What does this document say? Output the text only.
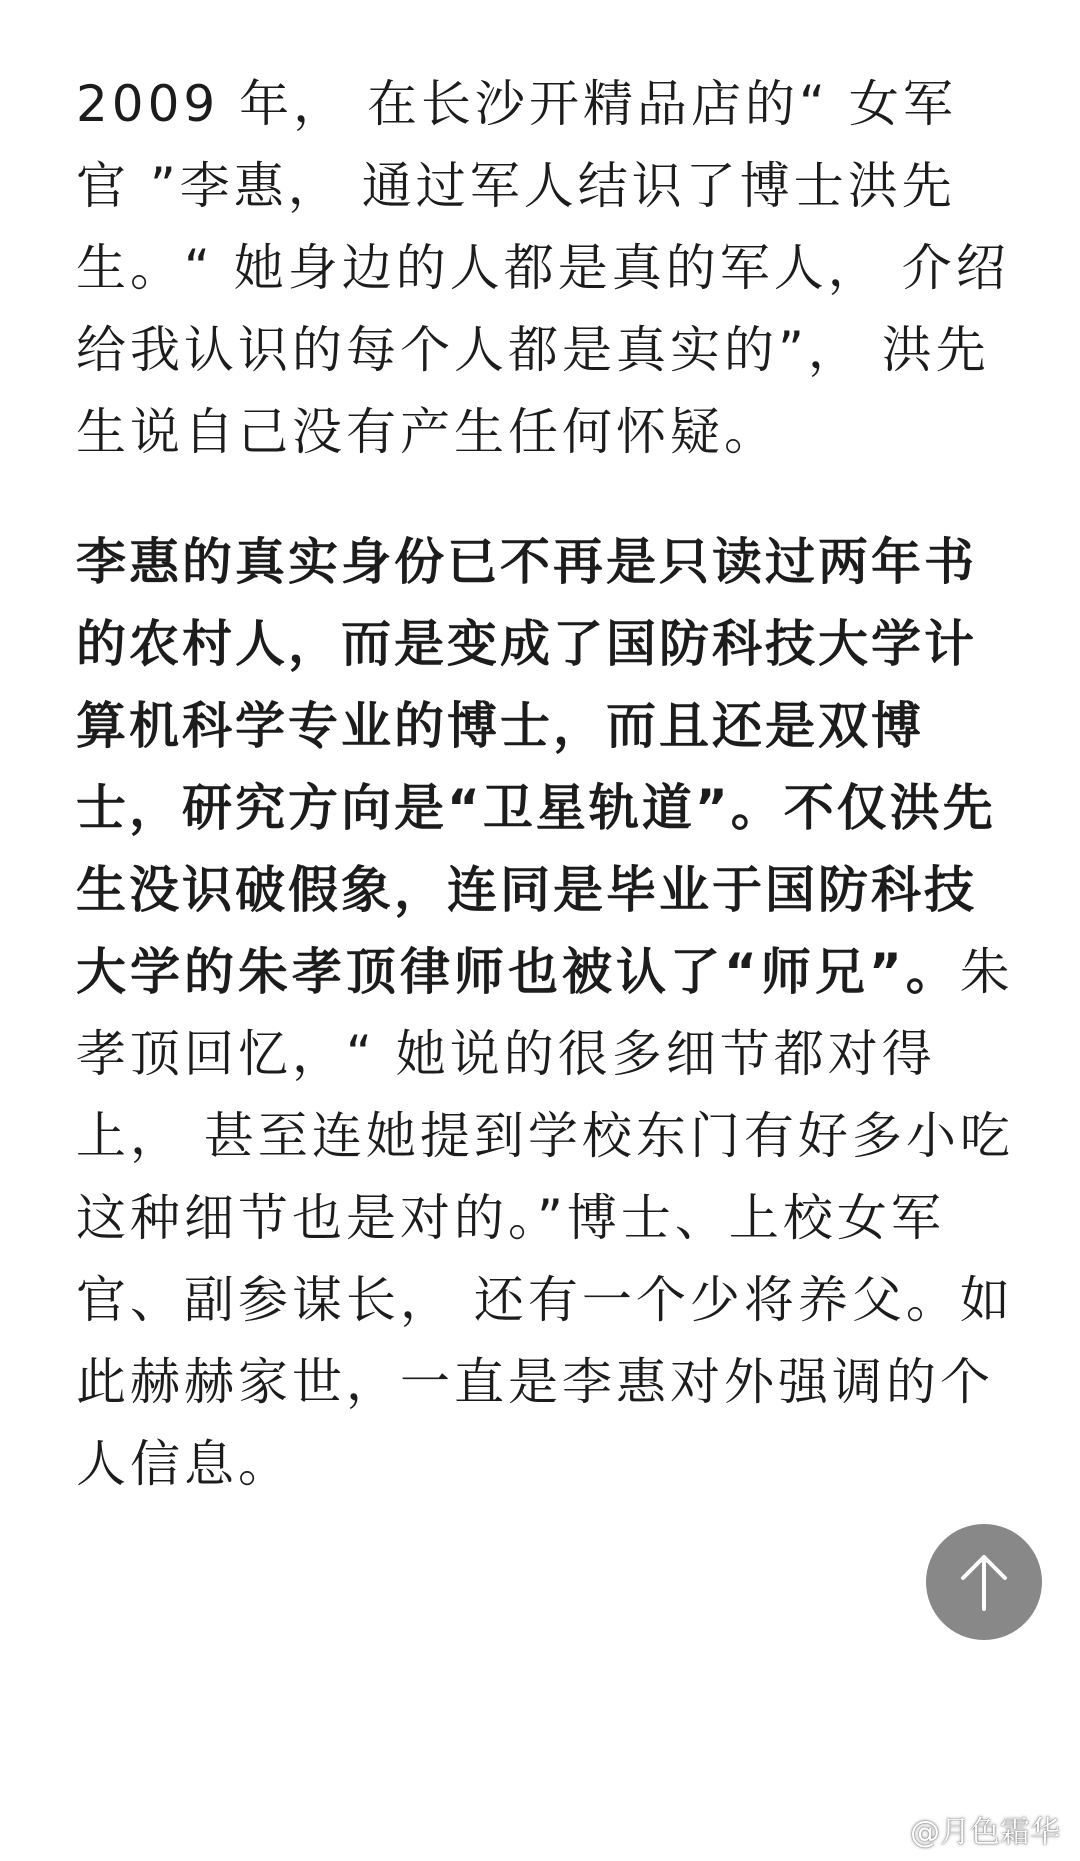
2009 年， 在长沙开精品店的“ 女军
官 ”李惠， 通过军人结识了博士洪先
生。“ 她身边的人都是真的军人， 介绍
给我认识的每个人都是真实的”， 洪先
生说自己没有产生任何怀疑。
李惠的真实身份已不再是只读过两年书
的农村人，而是变成了国防科技大学计
算机科学专业的博士，而且还是双博
士，研究方向是“卫星轨道”。不仅洪先
生没识破假象，连同是毕业于国防科技
大学的朱孝顶律师也被认了“师兄”。朱
孝顶回忆，“ 她说的很多细节都对得
上， 甚至连她提到学校东门有好多小吃
这种细节也是对的。”博士、上校女军
官、副参谋长， 还有一个少将养父。如
此赫赫家世，一直是李惠对外强调的个
人信息。
@月色霜华
